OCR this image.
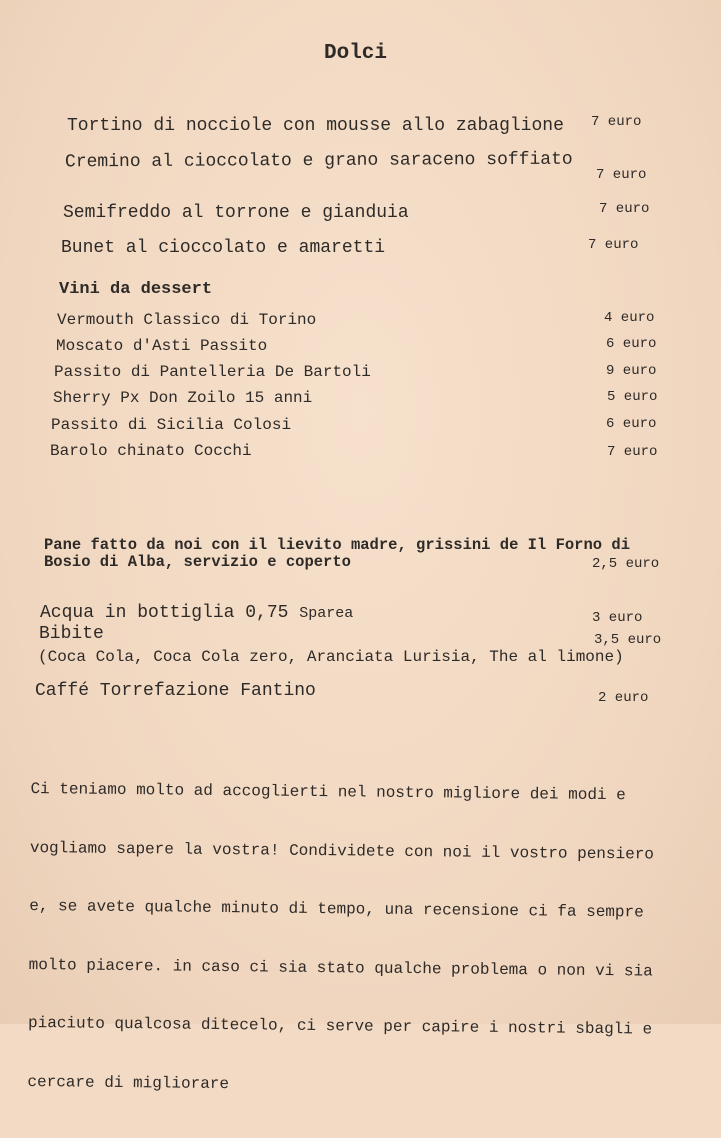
Dolci
Tortino di nocciole con mousse allo zabaglione 7 euro
Cremino al cioccolato e grano saraceno soffiato
7 euro
Semifreddo al torrone e gianduia	7 euro
Bunet al cioccolato e amaretti	7 euro
Vini da dessert
Vermouth Classico di Torino	4 euro
Moscato d'Asti Passito	6 euro
Passito di Pantelleria De Bartoli	9 euro
Sherry Px Don Zoilo 15 anni	5 euro
Passito di Sicilia Colosi	6 euro
Barolo chinato Cocchi	7 euro
Pane fatto da noi con il lievito madre, grissini de Il Forno di
Bosio di Alba, servizio e coperto	2,5 euro
Acqua in bottiglia 0,75 Sparea	3 euro
Bibite	3,5 euro
(Coca Cola, Coca Cola zero, Aranciata Lurisia, The al limone)
Caffé Torrefazione Fantino	2 euro

Ci teniamo molto ad accoglierti nel nostro migliore dei modi e

vogliamo sapere la vostra! Condividete con noi il vostro pensiero

e, se avete qualche minuto di tempo, una recensione ci fa sempre

molto piacere. in caso ci sia stato qualche problema o non vi sia

piaciuto qualcosa ditecelo, ci serve per capire i nostri sbagli e

cercare di migliorare
